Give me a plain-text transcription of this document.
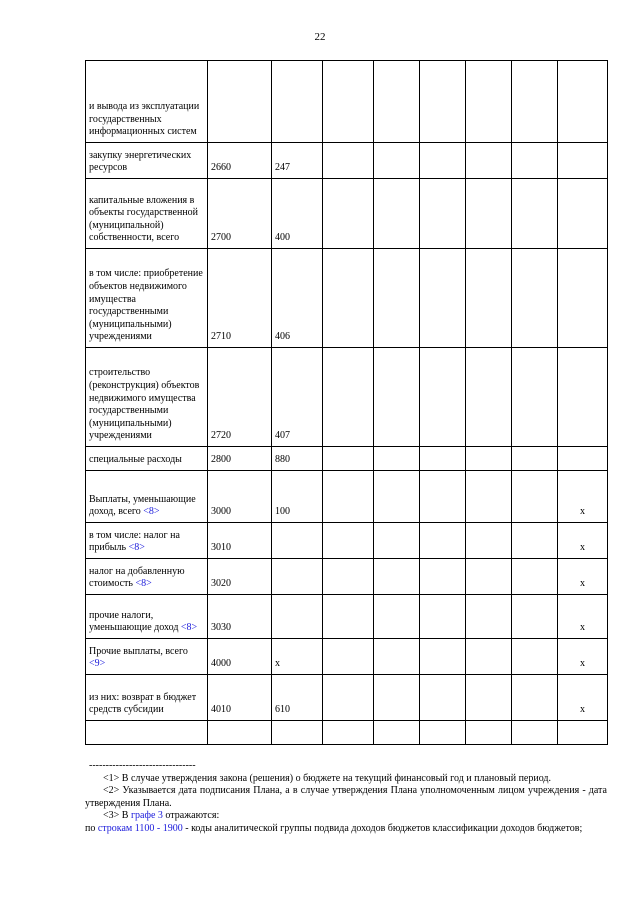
22
и вывода из эксплуатации государственных информационных систем								
закупку энергетических ресурсов	2660	247						
капитальные вложения в объекты государственной (муниципальной) собственности, всего	2700	400						
в том числе: приобретение объектов недвижимого имущества государственными (муниципальными) учреждениями	2710	406						
строительство (реконструкция) объектов недвижимого имущества государственными (муниципальными) учреждениями	2720	407						
специальные расходы	2800	880						
Выплаты, уменьшающие доход, всего <8>	3000	100						x
в том числе: налог на прибыль <8>	3010							x
налог на добавленную стоимость <8>	3020							x
прочие налоги, уменьшающие доход <8>	3030							x
Прочие выплаты, всего <9>	4000	x						x
из них: возврат в бюджет средств субсидии	4010	610						x

--------------------------------

<1> В случае утверждения закона (решения) о бюджете на текущий финансовый год и плановый период.

<2> Указывается дата подписания Плана, а в случае утверждения Плана уполномоченным лицом учреждения - дата утверждения Плана.

<3> В графе 3 отражаются:

по строкам 1100 - 1900 - коды аналитической группы подвида доходов бюджетов классификации доходов бюджетов;
